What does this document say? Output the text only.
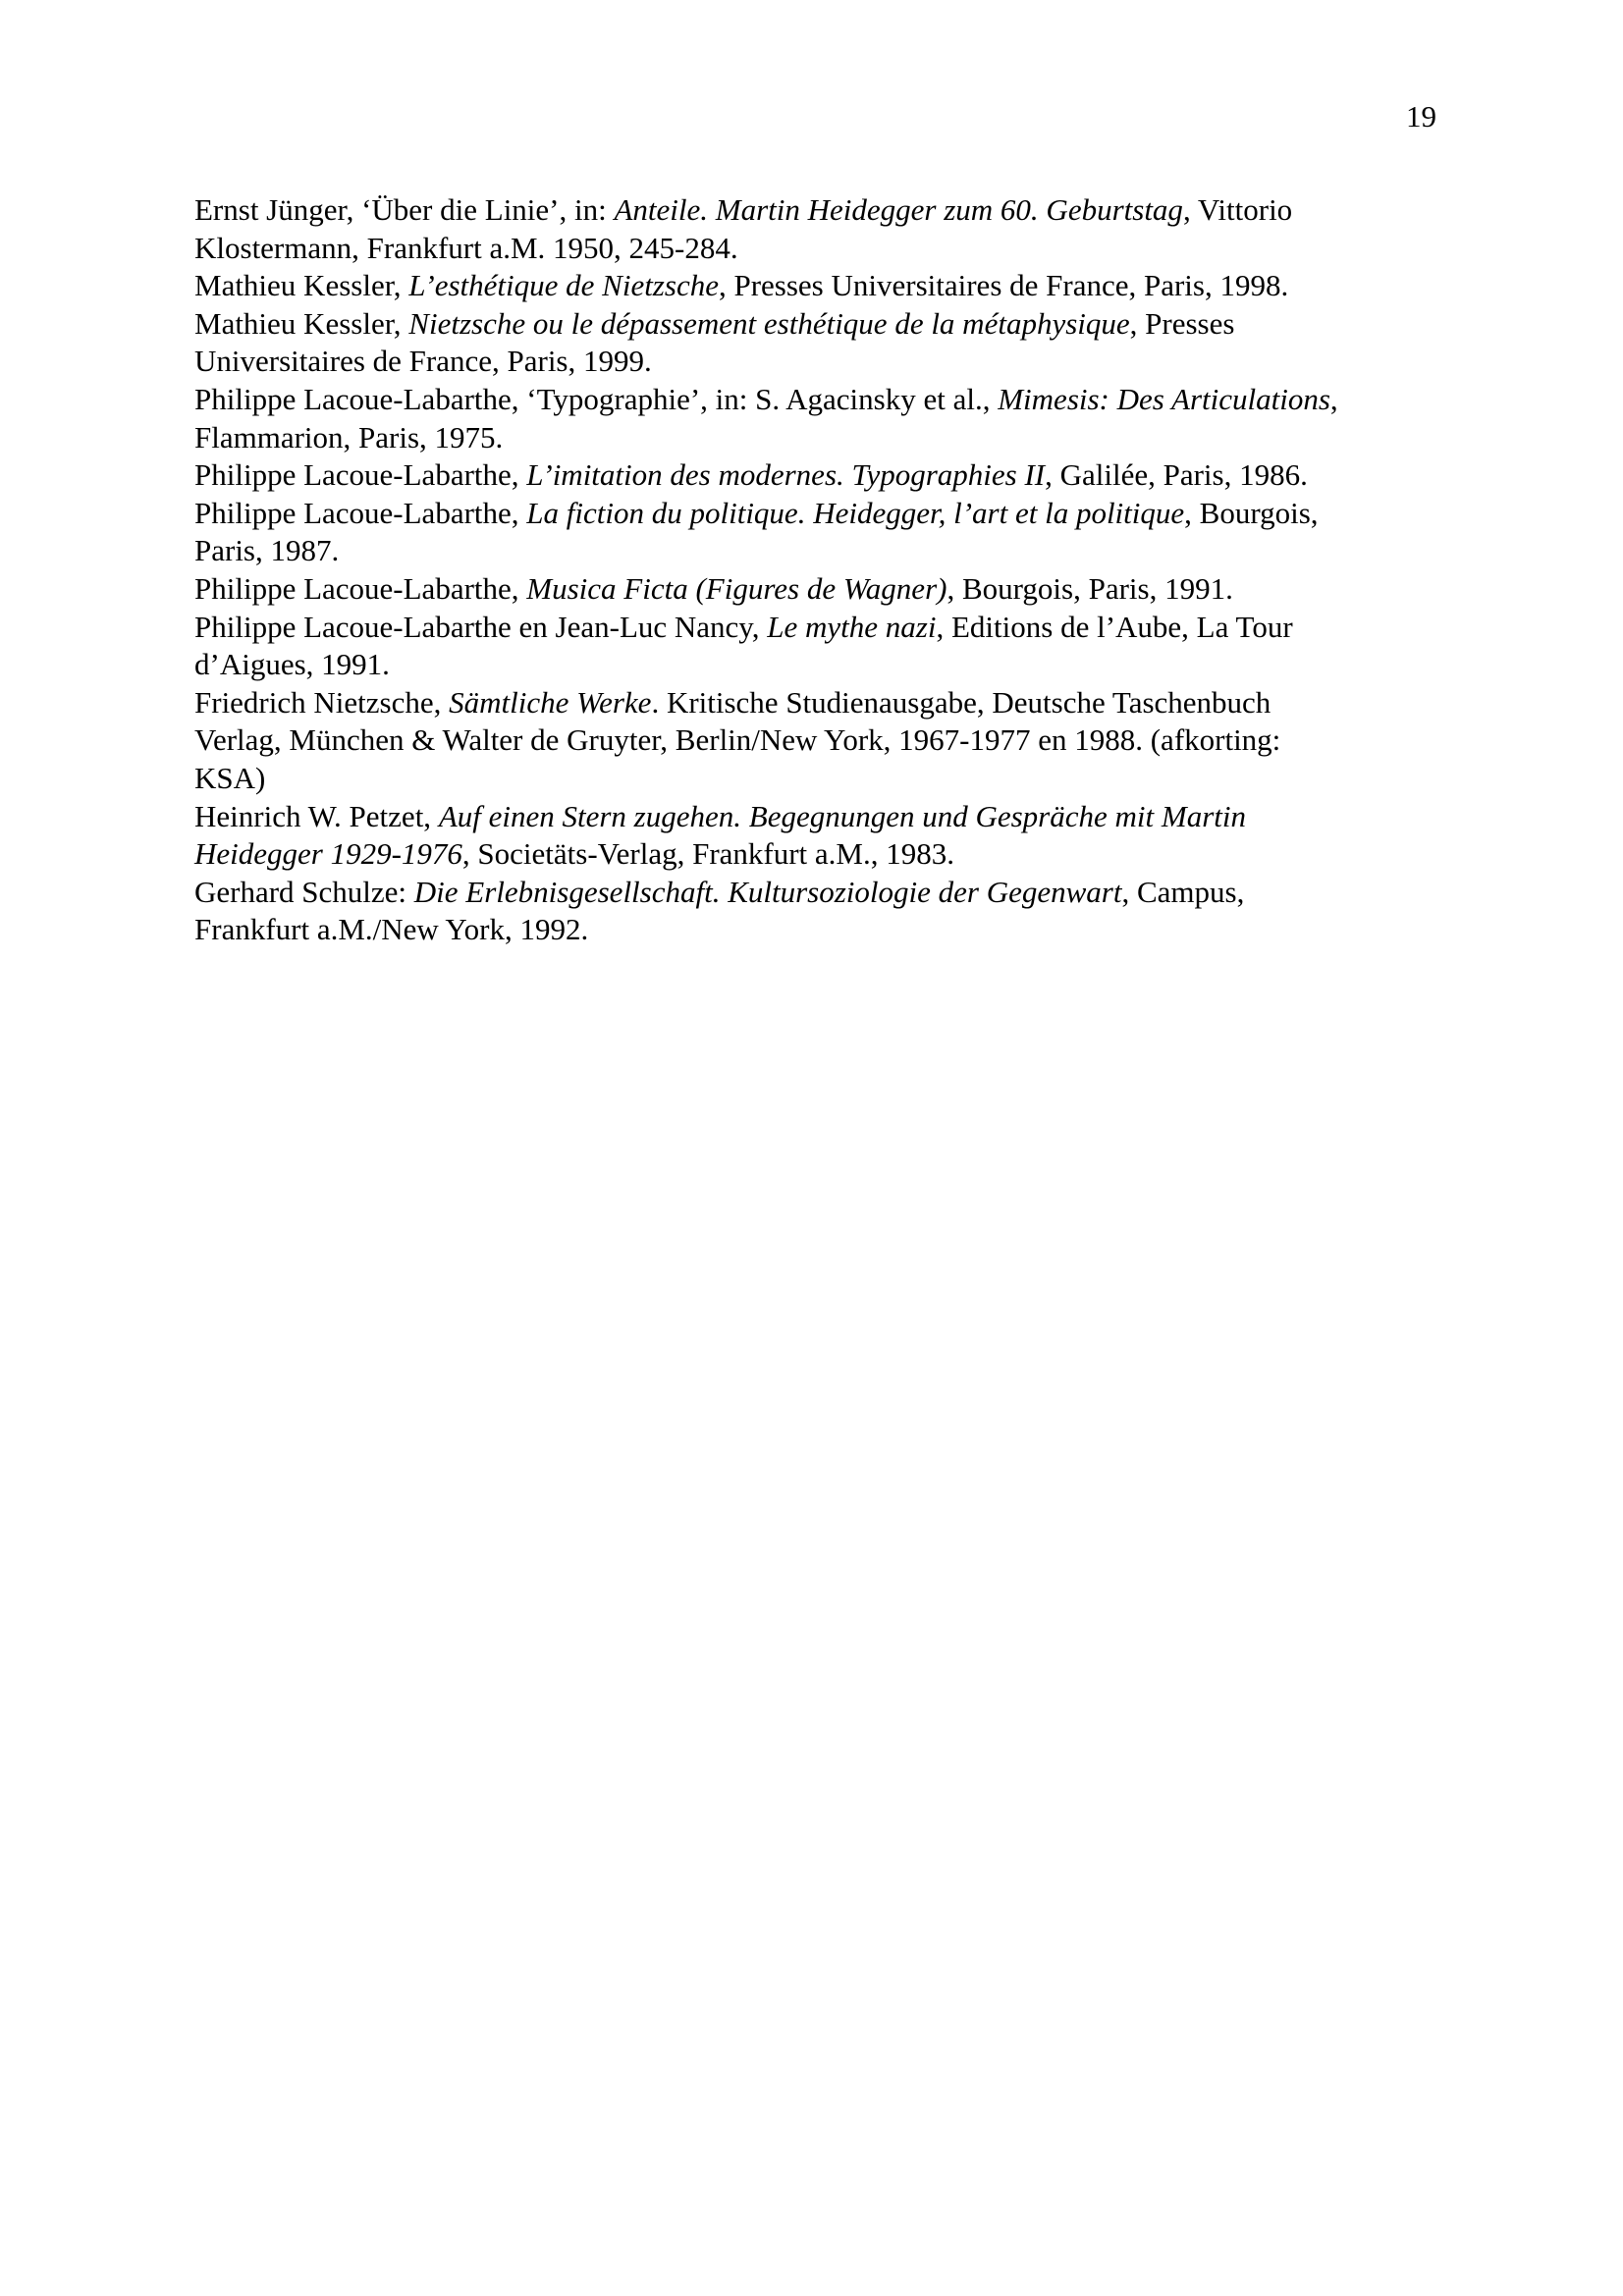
19

Ernst Jünger, ‘Über die Linie’, in: Anteile. Martin Heidegger zum 60. Geburtstag, Vittorio
Klostermann, Frankfurt a.M. 1950, 245-284.

Mathieu Kessler, L’esthétique de Nietzsche, Presses Universitaires de France, Paris, 1998.

Mathieu Kessler, Nietzsche ou le dépassement esthétique de la métaphysique, Presses
Universitaires de France, Paris, 1999.

Philippe Lacoue-Labarthe, ‘Typographie’, in: S. Agacinsky et al., Mimesis: Des Articulations,
Flammarion, Paris, 1975.

Philippe Lacoue-Labarthe, L’imitation des modernes. Typographies II, Galilée, Paris, 1986.

Philippe Lacoue-Labarthe, La fiction du politique. Heidegger, l’art et la politique, Bourgois,
Paris, 1987.

Philippe Lacoue-Labarthe, Musica Ficta (Figures de Wagner), Bourgois, Paris, 1991.

Philippe Lacoue-Labarthe en Jean-Luc Nancy, Le mythe nazi, Editions de l’Aube, La Tour
d’Aigues, 1991.

Friedrich Nietzsche, Sämtliche Werke. Kritische Studienausgabe, Deutsche Taschenbuch
Verlag, München & Walter de Gruyter, Berlin/New York, 1967-1977 en 1988. (afkorting:
KSA)

Heinrich W. Petzet, Auf einen Stern zugehen. Begegnungen und Gespräche mit Martin
Heidegger 1929-1976, Societäts-Verlag, Frankfurt a.M., 1983.

Gerhard Schulze: Die Erlebnisgesellschaft. Kultursoziologie der Gegenwart, Campus,
Frankfurt a.M./New York, 1992.
